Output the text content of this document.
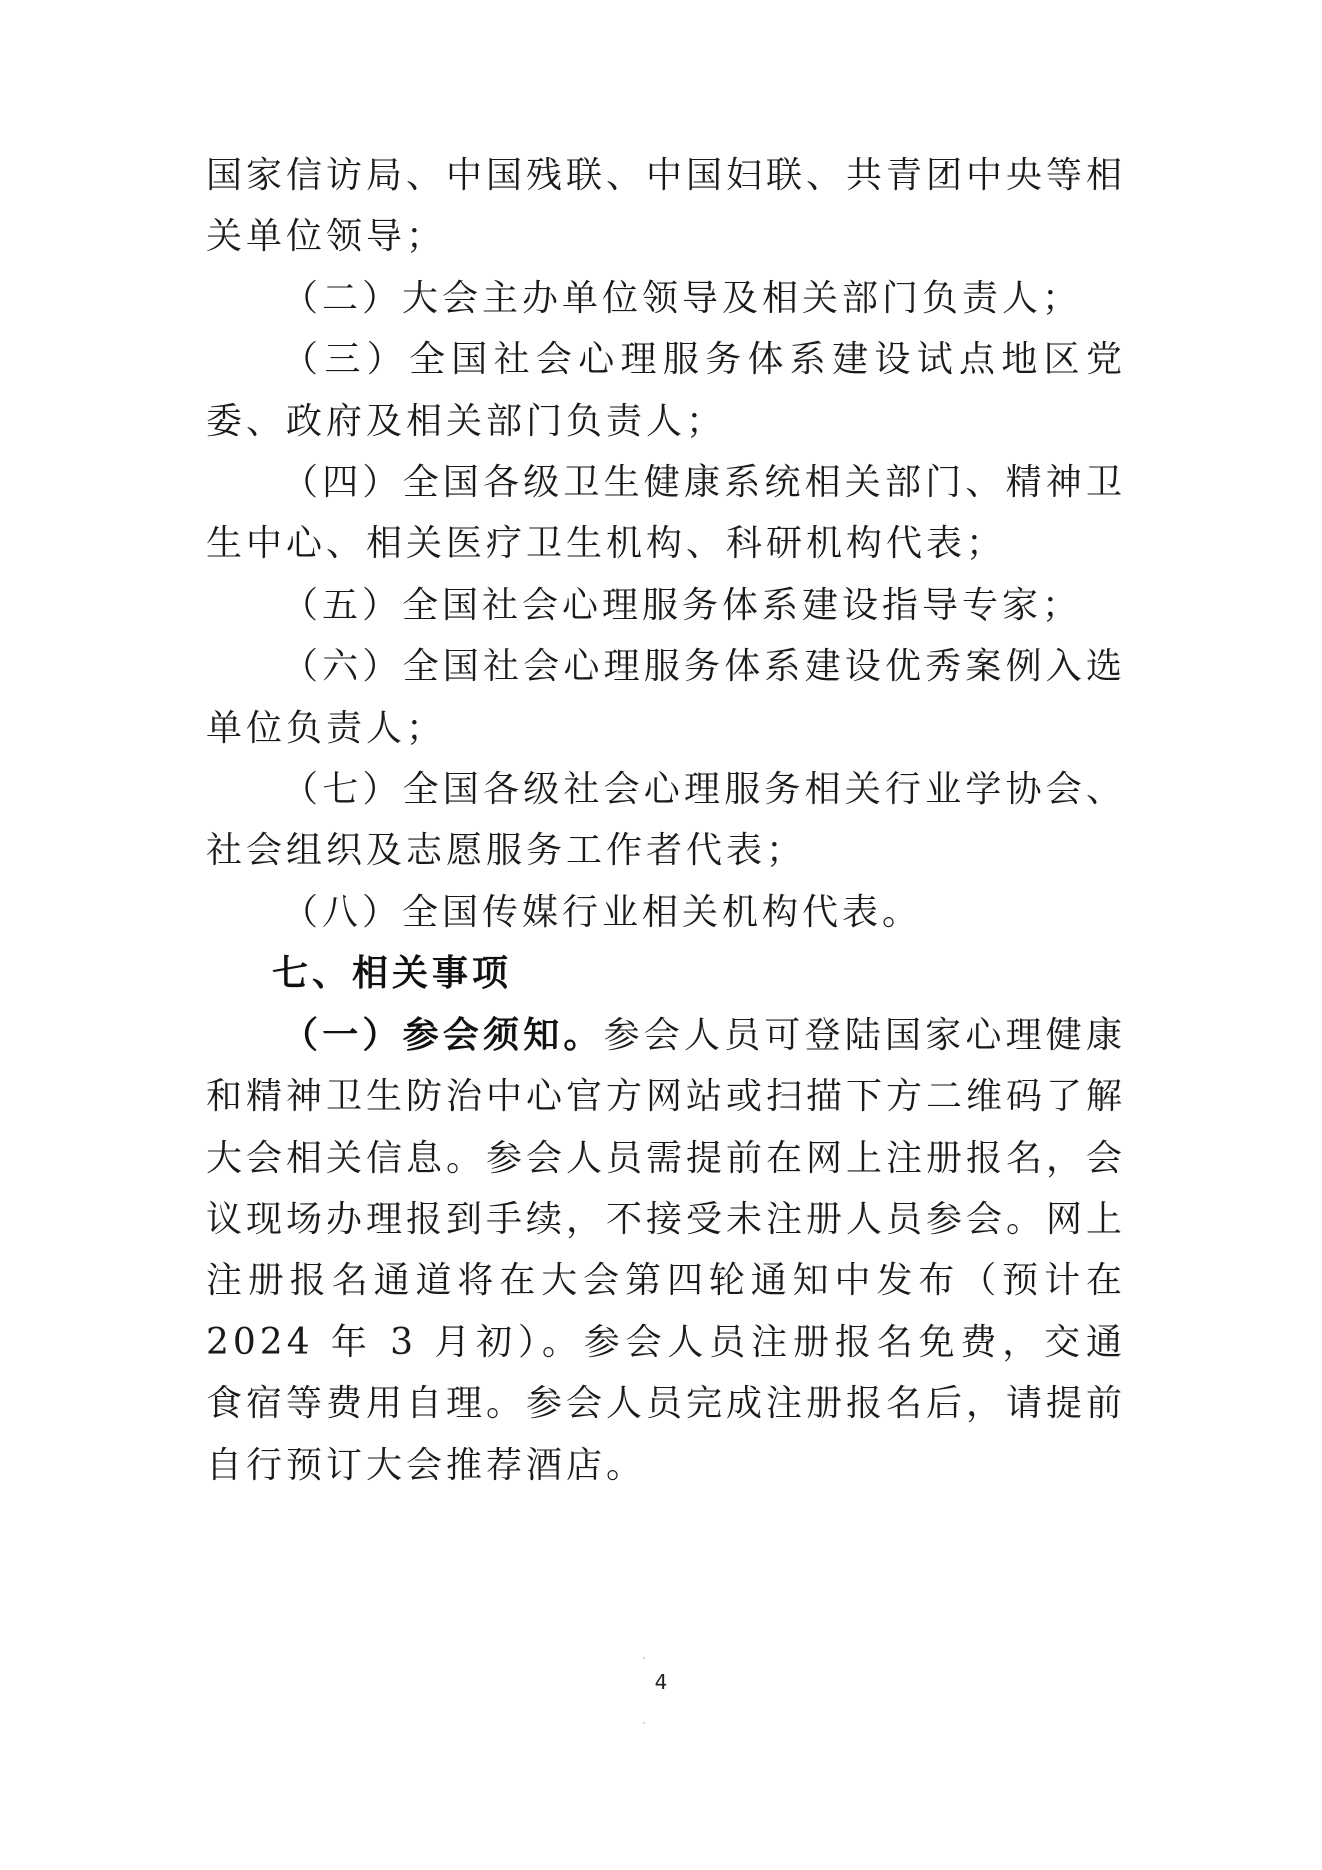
国家信访局、中国残联、中国妇联、共青团中央等相关单位领导；

（二）大会主办单位领导及相关部门负责人；

（三）全国社会心理服务体系建设试点地区党委、政府及相关部门负责人；

（四）全国各级卫生健康系统相关部门、精神卫生中心、相关医疗卫生机构、科研机构代表；

（五）全国社会心理服务体系建设指导专家；

（六）全国社会心理服务体系建设优秀案例入选单位负责人；

（七）全国各级社会心理服务相关行业学协会、社会组织及志愿服务工作者代表；

（八）全国传媒行业相关机构代表。

七、相关事项

（一）参会须知。参会人员可登陆国家心理健康和精神卫生防治中心官方网站或扫描下方二维码了解大会相关信息。参会人员需提前在网上注册报名，会议现场办理报到手续，不接受未注册人员参会。网上注册报名通道将在大会第四轮通知中发布（预计在 2024 年 3 月初）。参会人员注册报名免费，交通食宿等费用自理。参会人员完成注册报名后，请提前自行预订大会推荐酒店。

4
